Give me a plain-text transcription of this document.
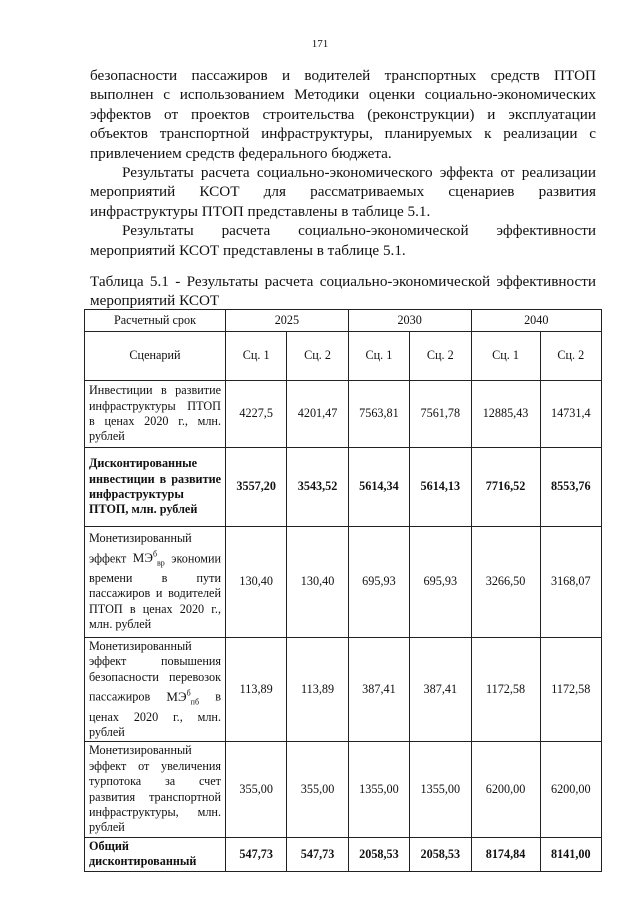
171

безопасности пассажиров и водителей транспортных средств ПТОП выполнен с использованием Методики оценки социально-экономических эффектов от проектов строительства (реконструкции) и эксплуатации объектов транспортной инфраструктуры, планируемых к реализации с привлечением средств федерального бюджета.

Результаты расчета социально-экономического эффекта от реализации мероприятий КСОТ для рассматриваемых сценариев развития инфраструктуры ПТОП представлены в таблице 5.1.

Результаты расчета социально-экономической эффективности мероприятий КСОТ представлены в таблице 5.1.

Таблица 5.1 - Результаты расчета социально-экономической эффективности мероприятий КСОТ
Расчетный срок	2025		2030		2040	
Сценарий	Сц. 1	Сц. 2	Сц. 1	Сц. 2	Сц. 1	Сц. 2
Инвестиции в развитие инфраструктуры ПТОП в ценах 2020 г., млн. рублей	4227,5	4201,47	7563,81	7561,78	12885,43	14731,4
Дисконтированные инвестиции в развитие инфраструктуры ПТОП, млн. рублей	3557,20	3543,52	5614,34	5614,13	7716,52	8553,76
Монетизированный эффект $МЭ^б_{вр}$ экономии времени в пути пассажиров и водителей ПТОП в ценах 2020 г., млн. рублей	130,40	130,40	695,93	695,93	3266,50	3168,07
Монетизированный эффект повышения безопасности перевозок пассажиров $МЭ^б_{пб}$ в ценах 2020 г., млн. рублей	113,89	113,89	387,41	387,41	1172,58	1172,58
Монетизированный эффект от увеличения турпотока за счет развития транспортной инфраструктуры, млн. рублей	355,00	355,00	1355,00	1355,00	6200,00	6200,00
Общий дисконтированный	547,73	547,73	2058,53	2058,53	8174,84	8141,00
